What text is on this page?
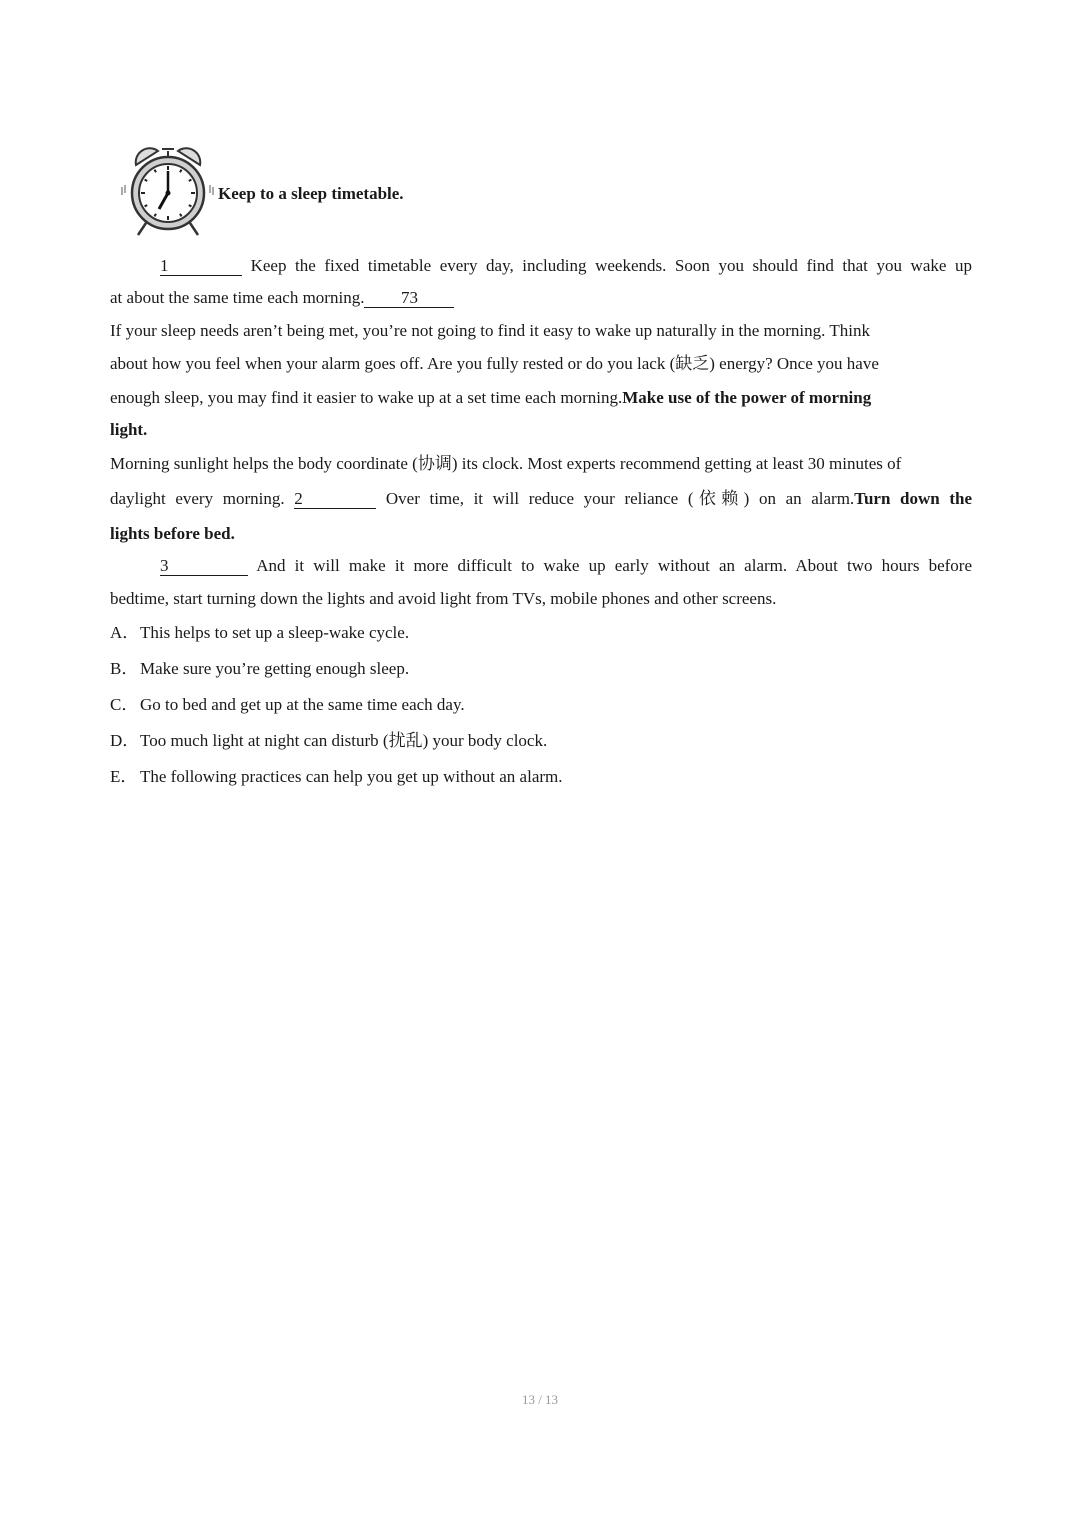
Keep to a sleep timetable.
1	Keep the fixed timetable every day, including weekends. Soon you should find that you wake up
at about the same time each morning. 73
If your sleep needs aren’t being met, you’re not going to find it easy to wake up naturally in the morning. Think
about how you feel when your alarm goes off. Are you fully rested or do you lack (缺乏) energy? Once you have
enough sleep, you may find it easier to wake up at a set time each morning.Make use of the power of morning
light.
Morning sunlight helps the body coordinate (协调) its clock. Most experts recommend getting at least 30 minutes of
daylight every morning. 2	Over time, it will reduce your reliance (依赖) on an alarm.Turn down the
lights before bed.
3	And it will make it more difficult to wake up early without an alarm. About two hours before
bedtime, start turning down the lights and avoid light from TVs, mobile phones and other screens.
A．This helps to set up a sleep-wake cycle.
B．Make sure you’re getting enough sleep.
C．Go to bed and get up at the same time each day.
D．Too much light at night can disturb (扰乱) your body clock.
E． The following practices can help you get up without an alarm.
13 / 13
